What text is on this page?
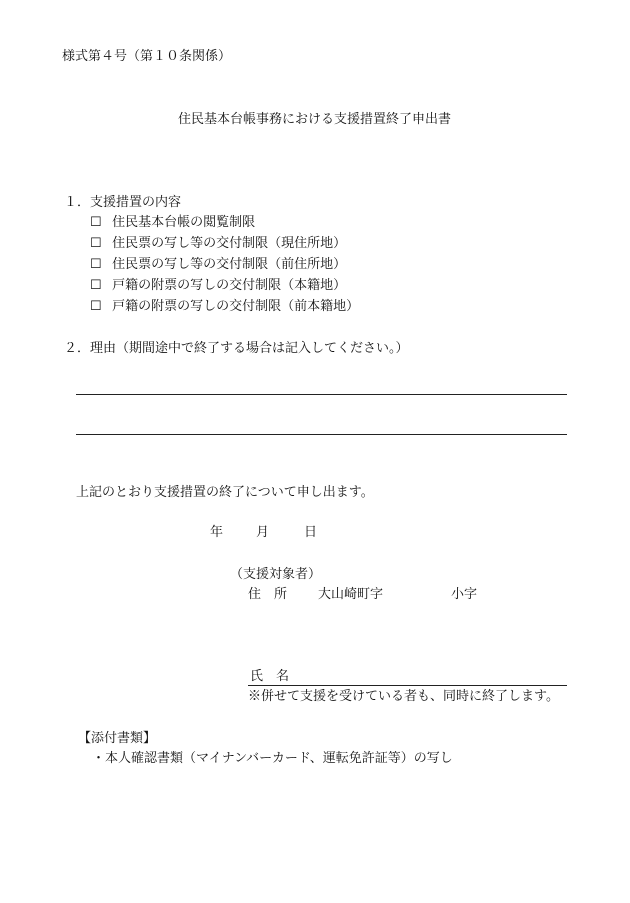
様式第４号（第１０条関係）
住民基本台帳事務における支援措置終了申出書
１．支援措置の内容
☐ 住民基本台帳の閲覧制限
☐ 住民票の写し等の交付制限（現住所地）
☐ 住民票の写し等の交付制限（前住所地）
☐ 戸籍の附票の写しの交付制限（本籍地）
☐ 戸籍の附票の写しの交付制限（前本籍地）
２．理由（期間途中で終了する場合は記入してください。）
上記のとおり支援措置の終了について申し出ます。
年	月	日
（支援対象者）
住　所 大山崎町字	小字
氏　名
※併せて支援を受けている者も、同時に終了します。
【添付書類】
・本人確認書類（マイナンバーカード、運転免許証等）の写し
